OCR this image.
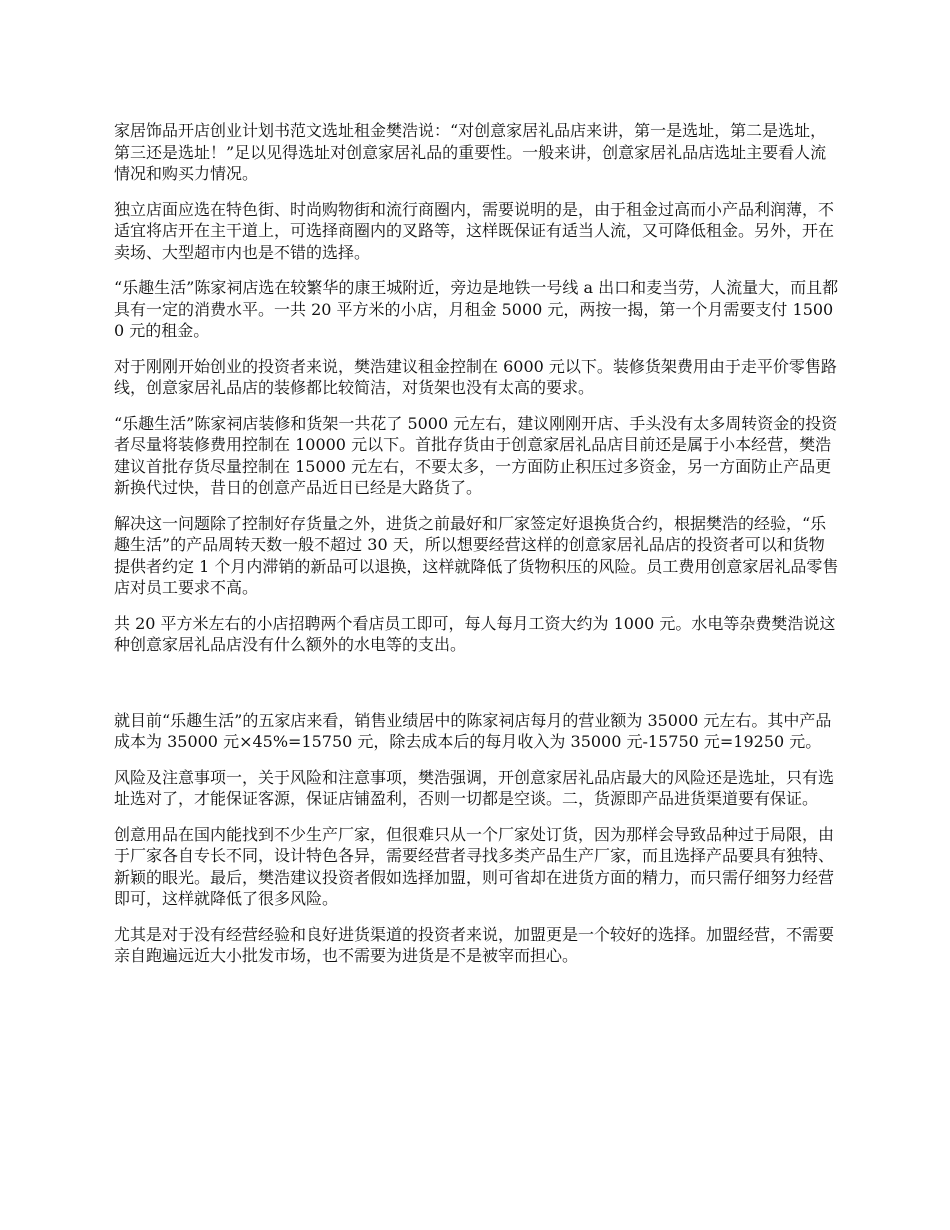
家居饰品开店创业计划书范文选址租金樊浩说：“对创意家居礼品店来讲，第一是选址，第二是选址，第三还是选址！”足以见得选址对创意家居礼品的重要性。一般来讲，创意家居礼品店选址主要看人流情况和购买力情况。

独立店面应选在特色街、时尚购物街和流行商圈内，需要说明的是，由于租金过高而小产品利润薄，不适宜将店开在主干道上，可选择商圈内的叉路等，这样既保证有适当人流，又可降低租金。另外，开在卖场、大型超市内也是不错的选择。

“乐趣生活”陈家祠店选在较繁华的康王城附近，旁边是地铁一号线 a 出口和麦当劳，人流量大，而且都具有一定的消费水平。一共 20 平方米的小店，月租金 5000 元，两按一揭，第一个月需要支付 15000 元的租金。

对于刚刚开始创业的投资者来说，樊浩建议租金控制在 6000 元以下。装修货架费用由于走平价零售路线，创意家居礼品店的装修都比较简洁，对货架也没有太高的要求。

“乐趣生活”陈家祠店装修和货架一共花了 5000 元左右，建议刚刚开店、手头没有太多周转资金的投资者尽量将装修费用控制在 10000 元以下。首批存货由于创意家居礼品店目前还是属于小本经营，樊浩建议首批存货尽量控制在 15000 元左右，不要太多，一方面防止积压过多资金，另一方面防止产品更新换代过快，昔日的创意产品近日已经是大路货了。

解决这一问题除了控制好存货量之外，进货之前最好和厂家签定好退换货合约，根据樊浩的经验，“乐趣生活”的产品周转天数一般不超过 30 天，所以想要经营这样的创意家居礼品店的投资者可以和货物提供者约定 1 个月内滞销的新品可以退换，这样就降低了货物积压的风险。员工费用创意家居礼品零售店对员工要求不高。

共 20 平方米左右的小店招聘两个看店员工即可，每人每月工资大约为 1000 元。水电等杂费樊浩说这种创意家居礼品店没有什么额外的水电等的支出。

就目前“乐趣生活”的五家店来看，销售业绩居中的陈家祠店每月的营业额为 35000 元左右。其中产品成本为 35000 元×45%=15750 元，除去成本后的每月收入为 35000 元-15750 元=19250 元。

风险及注意事项一，关于风险和注意事项，樊浩强调，开创意家居礼品店最大的风险还是选址，只有选址选对了，才能保证客源，保证店铺盈利，否则一切都是空谈。二，货源即产品进货渠道要有保证。

创意用品在国内能找到不少生产厂家，但很难只从一个厂家处订货，因为那样会导致品种过于局限，由于厂家各自专长不同，设计特色各异，需要经营者寻找多类产品生产厂家，而且选择产品要具有独特、新颖的眼光。最后，樊浩建议投资者假如选择加盟，则可省却在进货方面的精力，而只需仔细努力经营即可，这样就降低了很多风险。

尤其是对于没有经营经验和良好进货渠道的投资者来说，加盟更是一个较好的选择。加盟经营，不需要亲自跑遍远近大小批发市场，也不需要为进货是不是被宰而担心。
